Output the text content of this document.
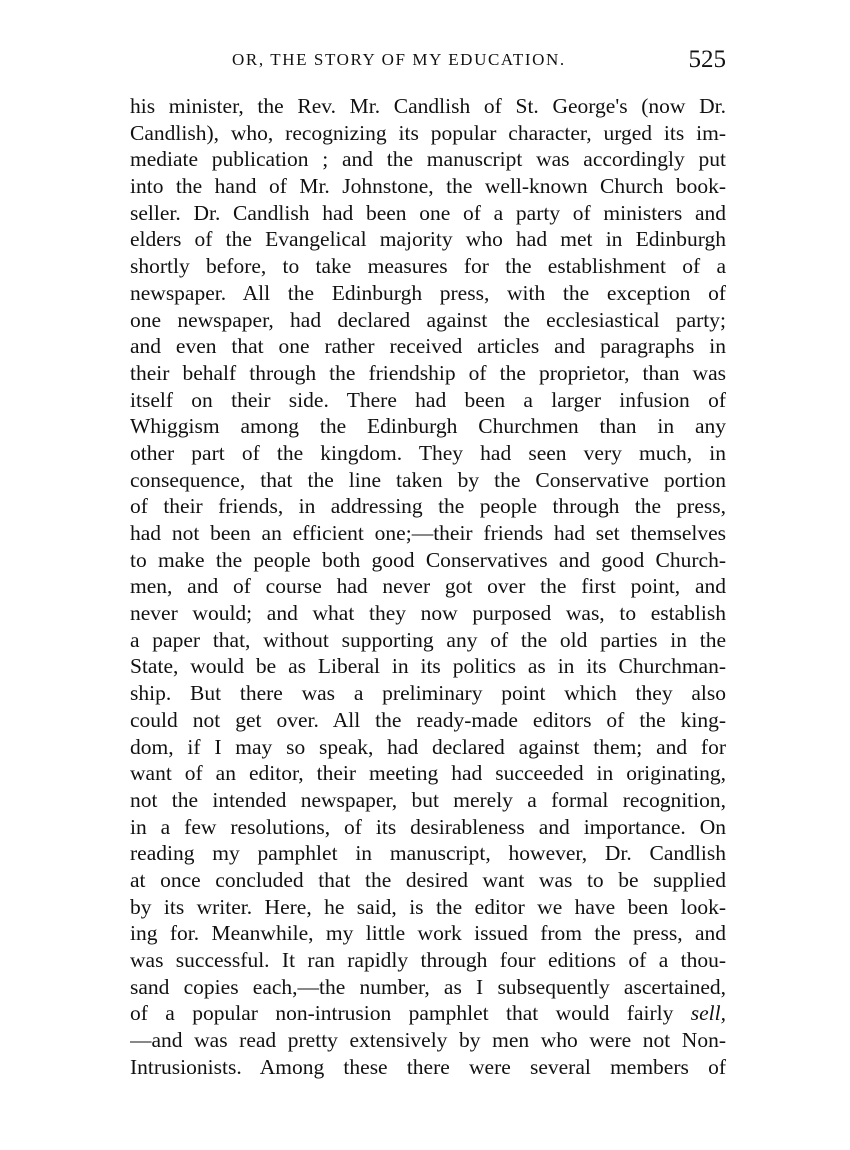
OR, THE STORY OF MY EDUCATION.	525
his minister, the Rev. Mr. Candlish of St. George's (now Dr.
Candlish), who, recognizing its popular character, urged its im-
mediate publication ; and the manuscript was accordingly put
into the hand of Mr. Johnstone, the well-known Church book-
seller. Dr. Candlish had been one of a party of ministers and
elders of the Evangelical majority who had met in Edinburgh
shortly before, to take measures for the establishment of a
newspaper. All the Edinburgh press, with the exception of
one newspaper, had declared against the ecclesiastical party;
and even that one rather received articles and paragraphs in
their behalf through the friendship of the proprietor, than was
itself on their side. There had been a larger infusion of
Whiggism among the Edinburgh Churchmen than in any
other part of the kingdom. They had seen very much, in
consequence, that the line taken by the Conservative portion
of their friends, in addressing the people through the press,
had not been an efficient one;—their friends had set themselves
to make the people both good Conservatives and good Church-
men, and of course had never got over the first point, and
never would; and what they now purposed was, to establish
a paper that, without supporting any of the old parties in the
State, would be as Liberal in its politics as in its Churchman-
ship. But there was a preliminary point which they also
could not get over. All the ready-made editors of the king-
dom, if I may so speak, had declared against them; and for
want of an editor, their meeting had succeeded in originating,
not the intended newspaper, but merely a formal recognition,
in a few resolutions, of its desirableness and importance. On
reading my pamphlet in manuscript, however, Dr. Candlish
at once concluded that the desired want was to be supplied
by its writer. Here, he said, is the editor we have been look-
ing for. Meanwhile, my little work issued from the press, and
was successful. It ran rapidly through four editions of a thou-
sand copies each,—the number, as I subsequently ascertained,
of a popular non-intrusion pamphlet that would fairly sell,
—and was read pretty extensively by men who were not Non-
Intrusionists. Among these there were several members of
